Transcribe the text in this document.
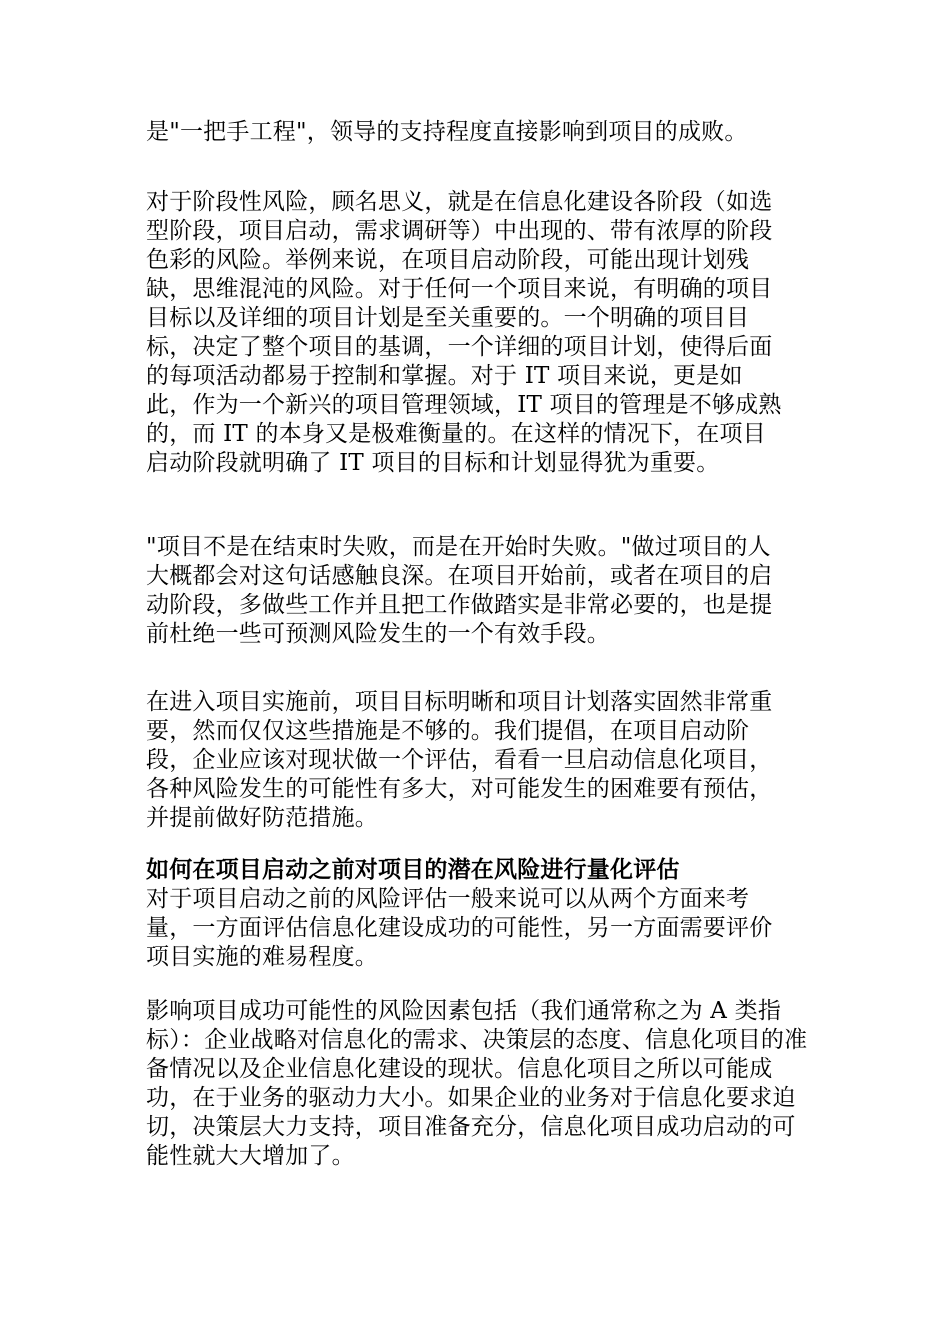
是"一把手工程"，领导的支持程度直接影响到项目的成败。

对于阶段性风险，顾名思义，就是在信息化建设各阶段（如选型阶段，项目启动，需求调研等）中出现的、带有浓厚的阶段色彩的风险。举例来说，在项目启动阶段，可能出现计划残缺，思维混沌的风险。对于任何一个项目来说，有明确的项目目标以及详细的项目计划是至关重要的。一个明确的项目目标，决定了整个项目的基调，一个详细的项目计划，使得后面的每项活动都易于控制和掌握。对于 IT 项目来说，更是如此，作为一个新兴的项目管理领域，IT 项目的管理是不够成熟的，而 IT 的本身又是极难衡量的。在这样的情况下，在项目启动阶段就明确了 IT 项目的目标和计划显得犹为重要。

"项目不是在结束时失败，而是在开始时失败。"做过项目的人大概都会对这句话感触良深。在项目开始前，或者在项目的启动阶段，多做些工作并且把工作做踏实是非常必要的，也是提前杜绝一些可预测风险发生的一个有效手段。

在进入项目实施前，项目目标明晰和项目计划落实固然非常重要，然而仅仅这些措施是不够的。我们提倡，在项目启动阶段，企业应该对现状做一个评估，看看一旦启动信息化项目，各种风险发生的可能性有多大，对可能发生的困难要有预估，并提前做好防范措施。

如何在项目启动之前对项目的潜在风险进行量化评估

对于项目启动之前的风险评估一般来说可以从两个方面来考量，一方面评估信息化建设成功的可能性，另一方面需要评价项目实施的难易程度。

影响项目成功可能性的风险因素包括（我们通常称之为 A 类指标）：企业战略对信息化的需求、决策层的态度、信息化项目的准备情况以及企业信息化建设的现状。信息化项目之所以可能成功，在于业务的驱动力大小。如果企业的业务对于信息化要求迫切，决策层大力支持，项目准备充分，信息化项目成功启动的可能性就大大增加了。
